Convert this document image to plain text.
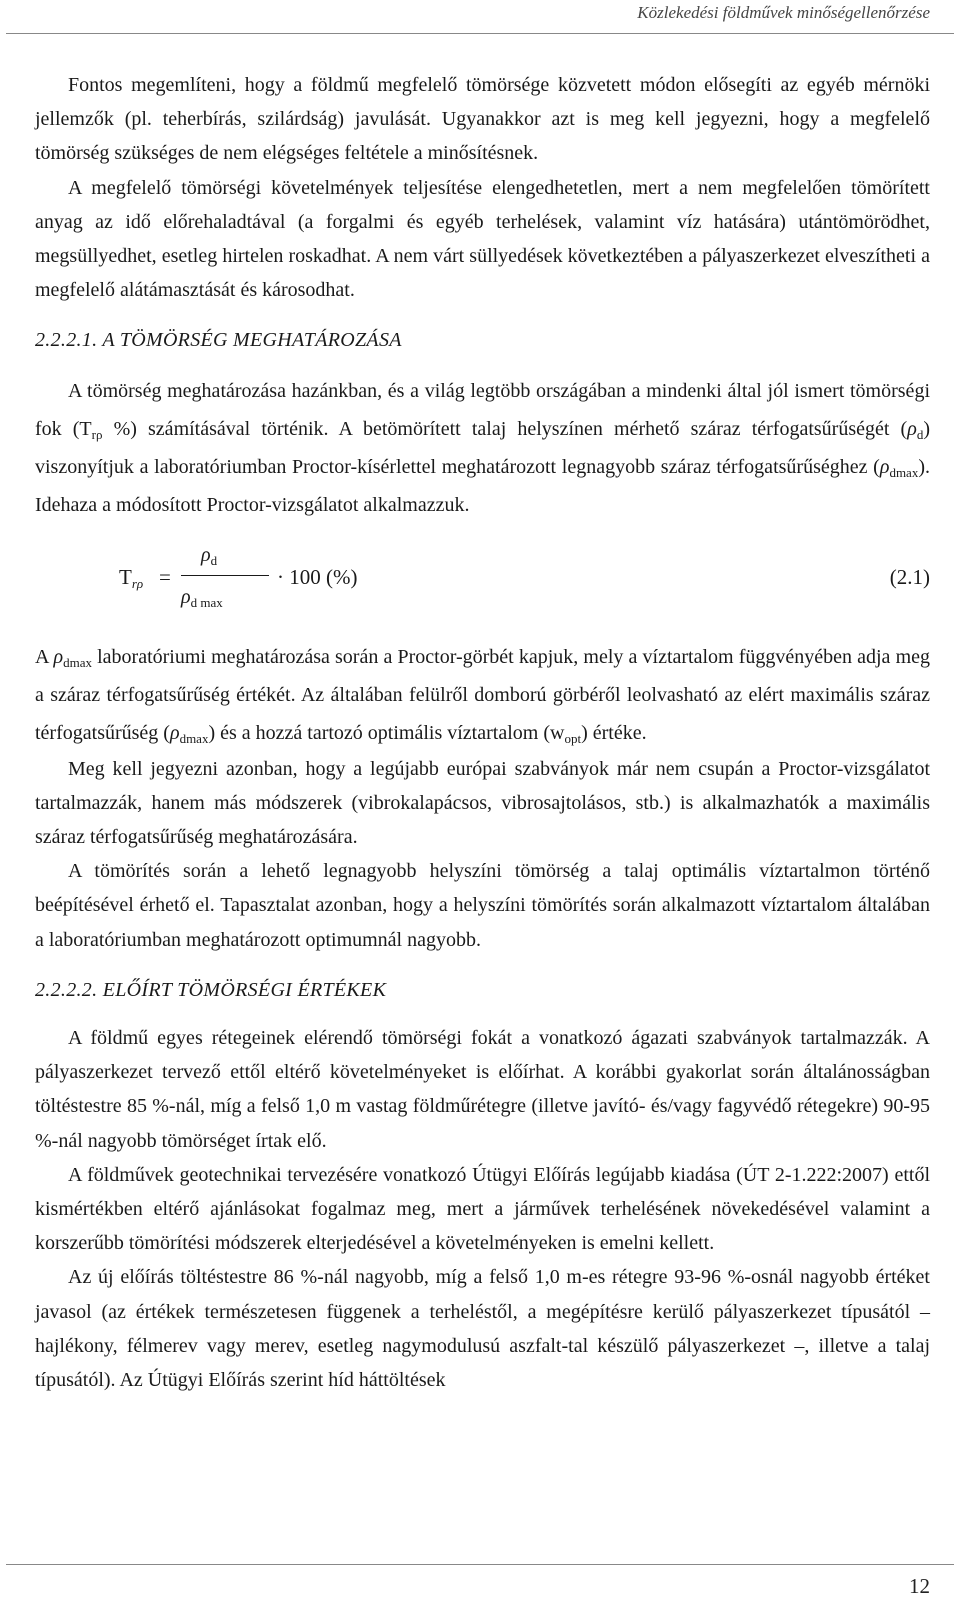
Közlekedési földművek minőségellenőrzése

Fontos megemlíteni, hogy a földmű megfelelő tömörsége közvetett módon elősegíti az egyéb mérnöki jellemzők (pl. teherbírás, szilárdság) javulását. Ugyanakkor azt is meg kell jegyezni, hogy a megfelelő tömörség szükséges de nem elégséges feltétele a minősítésnek.

A megfelelő tömörségi követelmények teljesítése elengedhetetlen, mert a nem megfelelően tömörített anyag az idő előrehaladtával (a forgalmi és egyéb terhelések, valamint víz hatására) utántömörödhet, megsüllyedhet, esetleg hirtelen roskadhat. A nem várt süllyedések következtében a pályaszerkezet elveszítheti a megfelelő alátámasztását és károsodhat.

2.2.2.1. A TÖMÖRSÉG MEGHATÁROZÁSA

A tömörség meghatározása hazánkban, és a világ legtöbb országában a mindenki által jól ismert tömörségi fok ($T_{r\rho}$ %) számításával történik. A betömörített talaj helyszínen mérhető száraz térfogatsűrűségét $(\rho_d)$ viszonyítjuk a laboratóriumban Proctor-kísérlettel meghatározott legnagyobb száraz térfogatsűrűséghez $(\rho_{dmax})$. Idehaza a módosított Proctor-vizsgálatot alkalmazzuk.

$T_{r\rho}$ =
$\rho_d$
$\rho_{d max}$
· 100 (%)	(2.1)

A $\rho_{dmax}$ laboratóriumi meghatározása során a Proctor-görbét kapjuk, mely a víztartalom függvényében adja meg a száraz térfogatsűrűség értékét. Az általában felülről domború görbéről leolvasható az elért maximális száraz térfogatsűrűség $(\rho_{dmax})$ és a hozzá tartozó optimális víztartalom $(w_{opt})$ értéke.

Meg kell jegyezni azonban, hogy a legújabb európai szabványok már nem csupán a Proctor-vizsgálatot tartalmazzák, hanem más módszerek (vibrokalapácsos, vibrosajtolásos, stb.) is alkalmazhatók a maximális száraz térfogatsűrűség meghatározására.

A tömörítés során a lehető legnagyobb helyszíni tömörség a talaj optimális víztartalmon történő beépítésével érhető el. Tapasztalat azonban, hogy a helyszíni tömörítés során alkalmazott víztartalom általában a laboratóriumban meghatározott optimumnál nagyobb.

2.2.2.2. ELŐÍRT TÖMÖRSÉGI ÉRTÉKEK

A földmű egyes rétegeinek elérendő tömörségi fokát a vonatkozó ágazati szabványok tartalmazzák. A pályaszerkezet tervező ettől eltérő követelményeket is előírhat. A korábbi gyakorlat során általánosságban töltéstestre 85 %-nál, míg a felső 1,0 m vastag földműrétegre (illetve javító- és/vagy fagyvédő rétegekre) 90-95 %-nál nagyobb tömörséget írtak elő.

A földművek geotechnikai tervezésére vonatkozó Útügyi Előírás legújabb kiadása (ÚT 2-1.222:2007) ettől kismértékben eltérő ajánlásokat fogalmaz meg, mert a járművek terhelésének növekedésével valamint a korszerűbb tömörítési módszerek elterjedésével a követelményeken is emelni kellett.

Az új előírás töltéstestre 86 %-nál nagyobb, míg a felső 1,0 m-es rétegre 93-96 %-osnál nagyobb értéket javasol (az értékek természetesen függenek a terheléstől, a megépítésre kerülő pályaszerkezet típusától – hajlékony, félmerev vagy merev, esetleg nagymodulusú aszfalt-tal készülő pályaszerkezet –, illetve a talaj típusától). Az Útügyi Előírás szerint híd háttöltések

12
